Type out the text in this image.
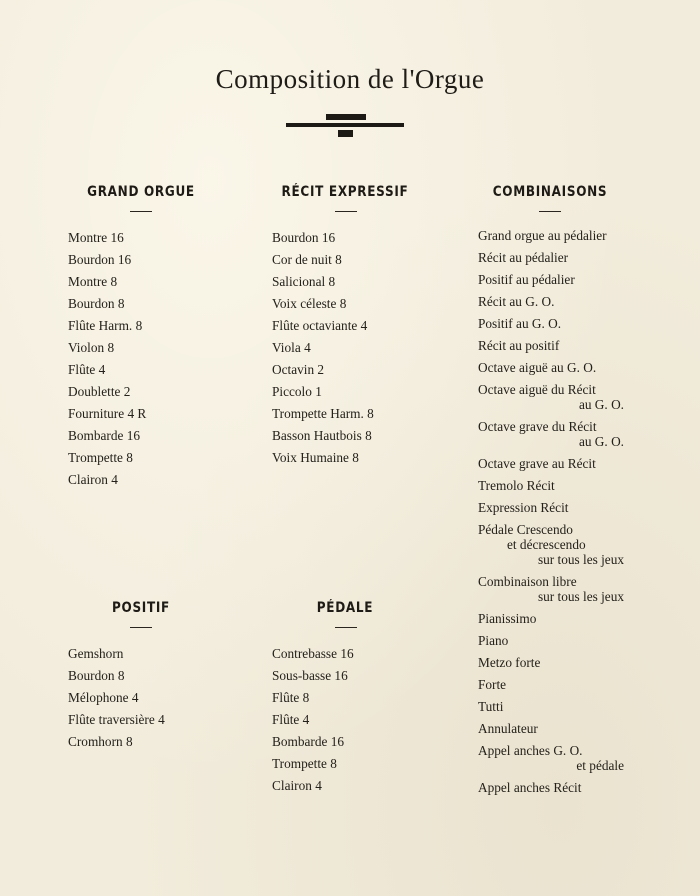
Composition de l'Orgue
GRAND ORGUE
Montre 16
Bourdon 16
Montre 8
Bourdon 8
Flûte Harm. 8
Violon 8
Flûte 4
Doublette 2
Fourniture 4 R
Bombarde 16
Trompette 8
Clairon 4
RÉCIT EXPRESSIF
Bourdon 16
Cor de nuit 8
Salicional 8
Voix céleste 8
Flûte octaviante 4
Viola 4
Octavin 2
Piccolo 1
Trompette Harm. 8
Basson Hautbois 8
Voix Humaine 8
COMBINAISONS
Grand orgue au pédalier
Récit au pédalier
Positif au pédalier
Récit au G. O.
Positif au G. O.
Récit au positif
Octave aiguë au G. O.
Octave aiguë du Récit
au G. O.
Octave grave du Récit
au G. O.
Octave grave au Récit
Tremolo Récit
Expression Récit
Pédale Crescendo
et décrescendo
sur tous les jeux
Combinaison libre
sur tous les jeux
Pianissimo
Piano
Metzo forte
Forte
Tutti
Annulateur
Appel anches G. O.
et pédale
Appel anches Récit
POSITIF
Gemshorn
Bourdon 8
Mélophone 4
Flûte traversière 4
Cromhorn 8
PÉDALE
Contrebasse 16
Sous-basse 16
Flûte 8
Flûte 4
Bombarde 16
Trompette 8
Clairon 4
